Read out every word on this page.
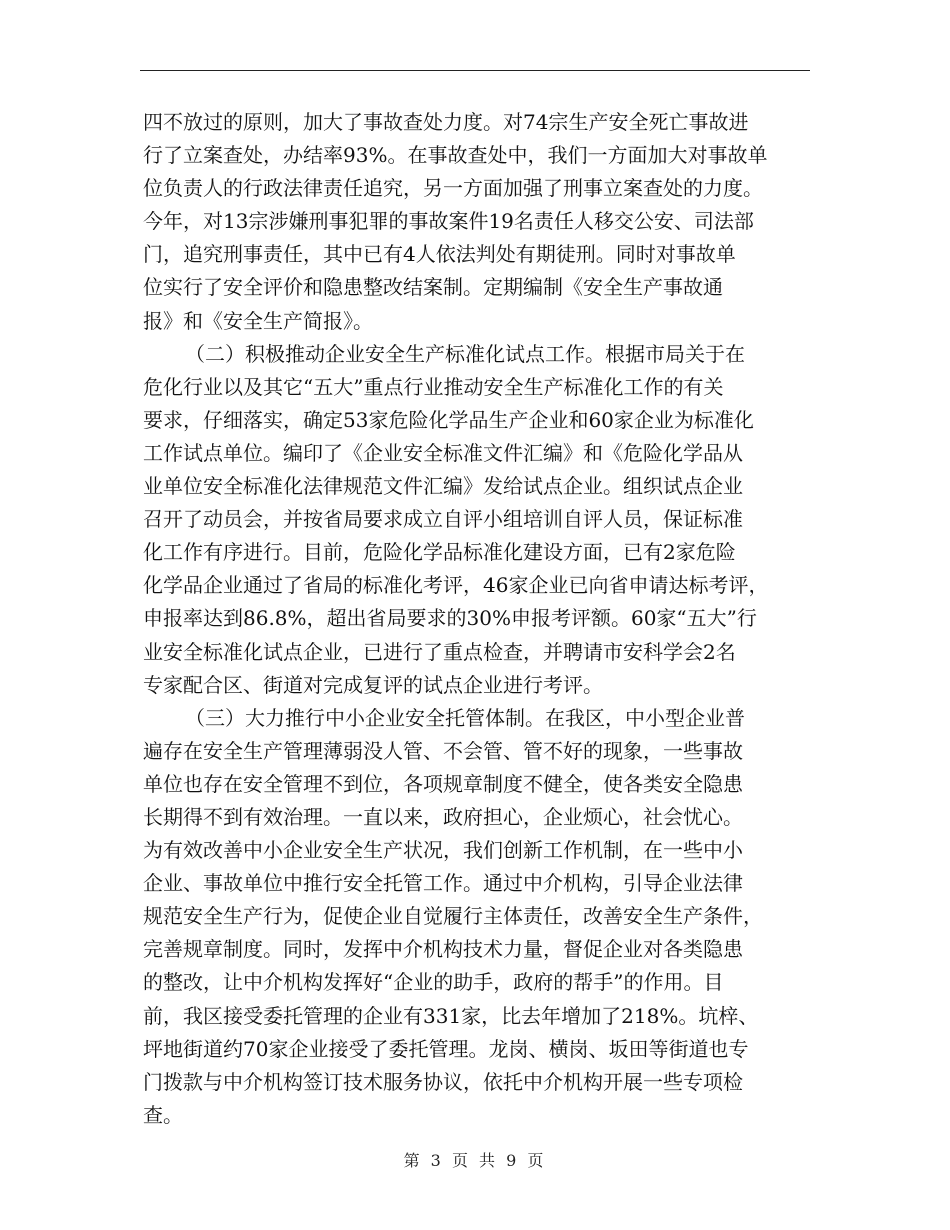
四不放过的原则，加大了事故查处力度。对74宗生产安全死亡事故进
行了立案查处，办结率93%。在事故查处中，我们一方面加大对事故单
位负责人的行政法律责任追究，另一方面加强了刑事立案查处的力度。
今年，对13宗涉嫌刑事犯罪的事故案件19名责任人移交公安、司法部
门，追究刑事责任，其中已有4人依法判处有期徒刑。同时对事故单
位实行了安全评价和隐患整改结案制。定期编制《安全生产事故通
报》和《安全生产简报》。
（二）积极推动企业安全生产标准化试点工作。根据市局关于在
危化行业以及其它“五大”重点行业推动安全生产标准化工作的有关
要求，仔细落实，确定53家危险化学品生产企业和60家企业为标准化
工作试点单位。编印了《企业安全标准文件汇编》和《危险化学品从
业单位安全标准化法律规范文件汇编》发给试点企业。组织试点企业
召开了动员会，并按省局要求成立自评小组培训自评人员，保证标准
化工作有序进行。目前，危险化学品标准化建设方面，已有2家危险
化学品企业通过了省局的标准化考评，46家企业已向省申请达标考评，
申报率达到86.8%，超出省局要求的30%申报考评额。60家“五大”行
业安全标准化试点企业，已进行了重点检查，并聘请市安科学会2名
专家配合区、街道对完成复评的试点企业进行考评。
（三）大力推行中小企业安全托管体制。在我区，中小型企业普
遍存在安全生产管理薄弱没人管、不会管、管不好的现象，一些事故
单位也存在安全管理不到位，各项规章制度不健全，使各类安全隐患
长期得不到有效治理。一直以来，政府担心，企业烦心，社会忧心。
为有效改善中小企业安全生产状况，我们创新工作机制，在一些中小
企业、事故单位中推行安全托管工作。通过中介机构，引导企业法律
规范安全生产行为，促使企业自觉履行主体责任，改善安全生产条件，
完善规章制度。同时，发挥中介机构技术力量，督促企业对各类隐患
的整改，让中介机构发挥好“企业的助手，政府的帮手”的作用。目
前，我区接受委托管理的企业有331家，比去年增加了218%。坑梓、
坪地街道约70家企业接受了委托管理。龙岗、横岗、坂田等街道也专
门拨款与中介机构签订技术服务协议，依托中介机构开展一些专项检
查。
第 3 页 共 9 页
